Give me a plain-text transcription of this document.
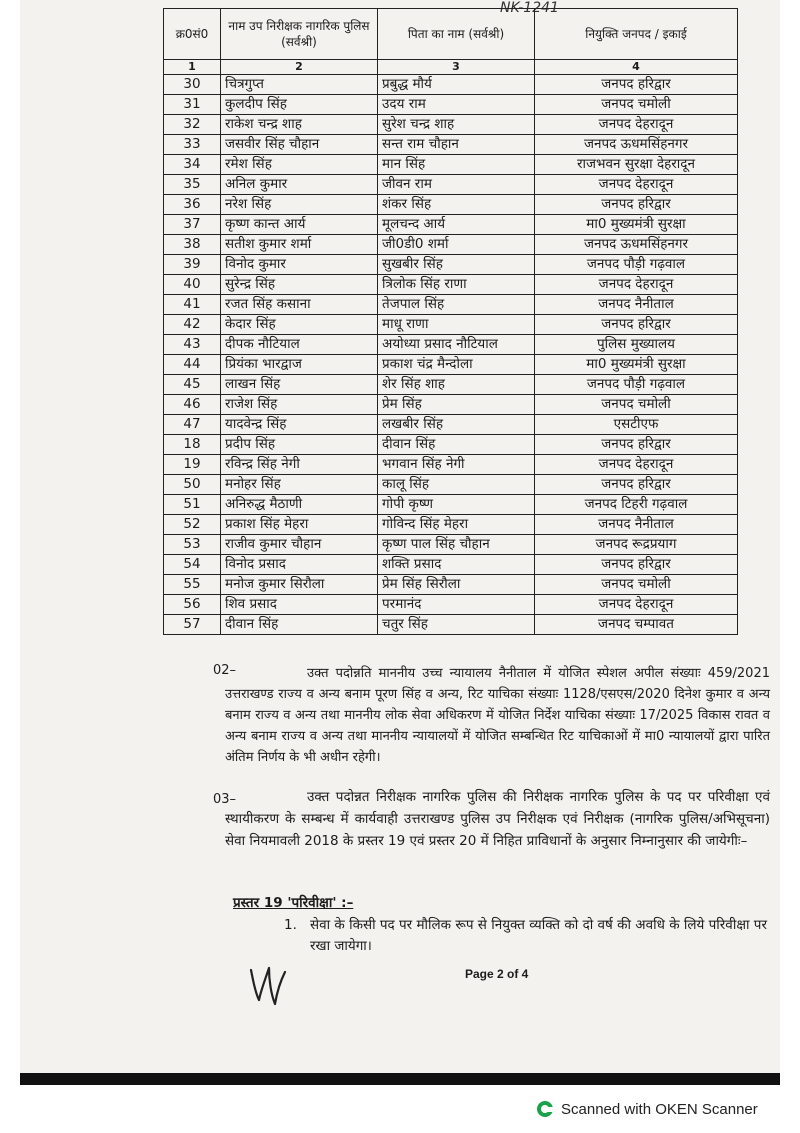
NK-1241
क्र0सं0	नाम उप निरीक्षक नागरिक पुलिस (सर्वश्री)	पिता का नाम (सर्वश्री)	नियुक्ति जनपद / इकाई
1	2	3	4
30	चित्रगुप्त	प्रबुद्ध मौर्य	जनपद हरिद्वार
31	कुलदीप सिंह	उदय राम	जनपद चमोली
32	राकेश चन्द्र शाह	सुरेश चन्द्र शाह	जनपद देहरादून
33	जसवीर सिंह चौहान	सन्त राम चौहान	जनपद ऊधमसिंहनगर
34	रमेश सिंह	मान सिंह	राजभवन सुरक्षा देहरादून
35	अनिल कुमार	जीवन राम	जनपद देहरादून
36	नरेश सिंह	शंकर सिंह	जनपद हरिद्वार
37	कृष्ण कान्त आर्य	मूलचन्द आर्य	मा0 मुख्यमंत्री सुरक्षा
38	सतीश कुमार शर्मा	जी0डी0 शर्मा	जनपद ऊधमसिंहनगर
39	विनोद कुमार	सुखबीर सिंह	जनपद पौड़ी गढ़वाल
40	सुरेन्द्र सिंह	त्रिलोक सिंह राणा	जनपद देहरादून
41	रजत सिंह कसाना	तेजपाल सिंह	जनपद नैनीताल
42	केदार सिंह	माधू राणा	जनपद हरिद्वार
43	दीपक नौटियाल	अयोध्या प्रसाद नौटियाल	पुलिस मुख्यालय
44	प्रियंका भारद्वाज	प्रकाश चंद्र मैन्दोला	मा0 मुख्यमंत्री सुरक्षा
45	लाखन सिंह	शेर सिंह शाह	जनपद पौड़ी गढ़वाल
46	राजेश सिंह	प्रेम सिंह	जनपद चमोली
47	यादवेन्द्र सिंह	लखबीर सिंह	एसटीएफ
18	प्रदीप सिंह	दीवान सिंह	जनपद हरिद्वार
19	रविन्द्र सिंह नेगी	भगवान सिंह नेगी	जनपद देहरादून
50	मनोहर सिंह	कालू सिंह	जनपद हरिद्वार
51	अनिरुद्ध मैठाणी	गोपी कृष्ण	जनपद टिहरी गढ़वाल
52	प्रकाश सिंह मेहरा	गोविन्द सिंह मेहरा	जनपद नैनीताल
53	राजीव कुमार चौहान	कृष्ण पाल सिंह चौहान	जनपद रूद्रप्रयाग
54	विनोद प्रसाद	शक्ति प्रसाद	जनपद हरिद्वार
55	मनोज कुमार सिरौला	प्रेम सिंह सिरौला	जनपद चमोली
56	शिव प्रसाद	परमानंद	जनपद देहरादून
57	दीवान सिंह	चतुर सिंह	जनपद चम्पावत
02–	उक्त पदोन्नति माननीय उच्च न्यायालय नैनीताल में योजित स्पेशल अपील संख्याः 459/2021 उत्तराखण्ड राज्य व अन्य बनाम पूरण सिंह व अन्य, रिट याचिका संख्याः 1128/एसएस/2020 दिनेश कुमार व अन्य बनाम राज्य व अन्य तथा माननीय लोक सेवा अधिकरण में योजित निर्देश याचिका संख्याः 17/2025 विकास रावत व अन्य बनाम राज्य व अन्य तथा माननीय न्यायालयों में योजित सम्बन्धित रिट याचिकाओं में मा0 न्यायालयों द्वारा पारित अंतिम निर्णय के भी अधीन रहेगी।
03–	उक्त पदोन्नत निरीक्षक नागरिक पुलिस की निरीक्षक नागरिक पुलिस के पद पर परिवीक्षा एवं स्थायीकरण के सम्बन्ध में कार्यवाही उत्तराखण्ड पुलिस उप निरीक्षक एवं निरीक्षक (नागरिक पुलिस/अभिसूचना) सेवा नियमावली 2018 के प्रस्तर 19 एवं प्रस्तर 20 में निहित प्राविधानों के अनुसार निम्नानुसार की जायेगीः–
प्रस्तर 19 'परिवीक्षा' :–
1. सेवा के किसी पद पर मौलिक रूप से नियुक्त व्यक्ति को दो वर्ष की अवधि के लिये परिवीक्षा पर रखा जायेगा।
Page 2 of 4
Scanned with OKEN Scanner
